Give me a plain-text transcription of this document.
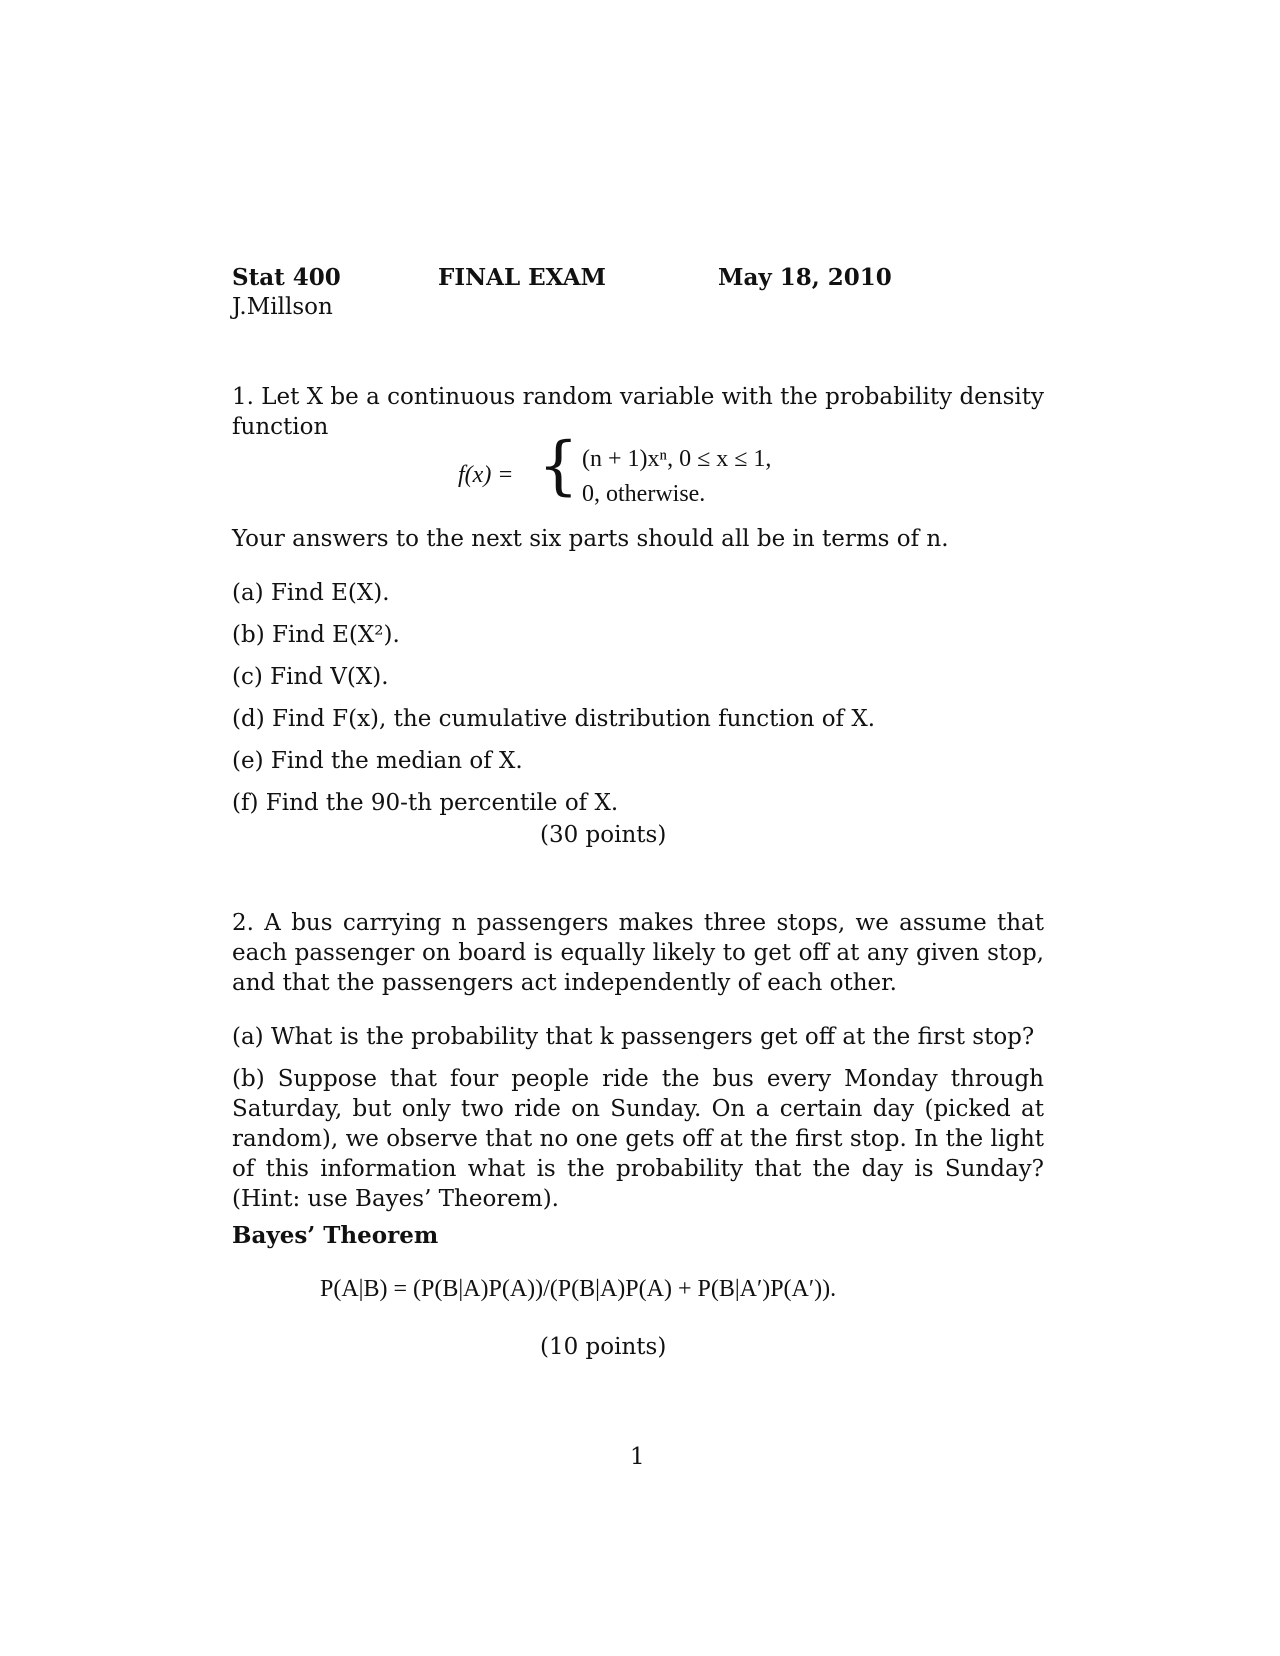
Stat 400
J.Millson
FINAL EXAM	May 18, 2010
1. Let X be a continuous random variable with the probability density function
f(x) = { (n + 1)xⁿ, 0 ≤ x ≤ 1,
0, otherwise.
Your answers to the next six parts should all be in terms of n.
(a) Find E(X).
(b) Find E(X²).
(c) Find V(X).
(d) Find F(x), the cumulative distribution function of X.
(e) Find the median of X.
(f) Find the 90-th percentile of X.
(30 points)
2. A bus carrying n passengers makes three stops, we assume that each passenger on board is equally likely to get off at any given stop, and that the passengers act independently of each other.
(a) What is the probability that k passengers get off at the first stop?
(b) Suppose that four people ride the bus every Monday through Saturday, but only two ride on Sunday. On a certain day (picked at random), we observe that no one gets off at the first stop. In the light of this information what is the probability that the day is Sunday? (Hint: use Bayes’ Theorem).
Bayes’ Theorem
P(A|B) = (P(B|A)P(A))/(P(B|A)P(A) + P(B|A′)P(A′)).
(10 points)
1
